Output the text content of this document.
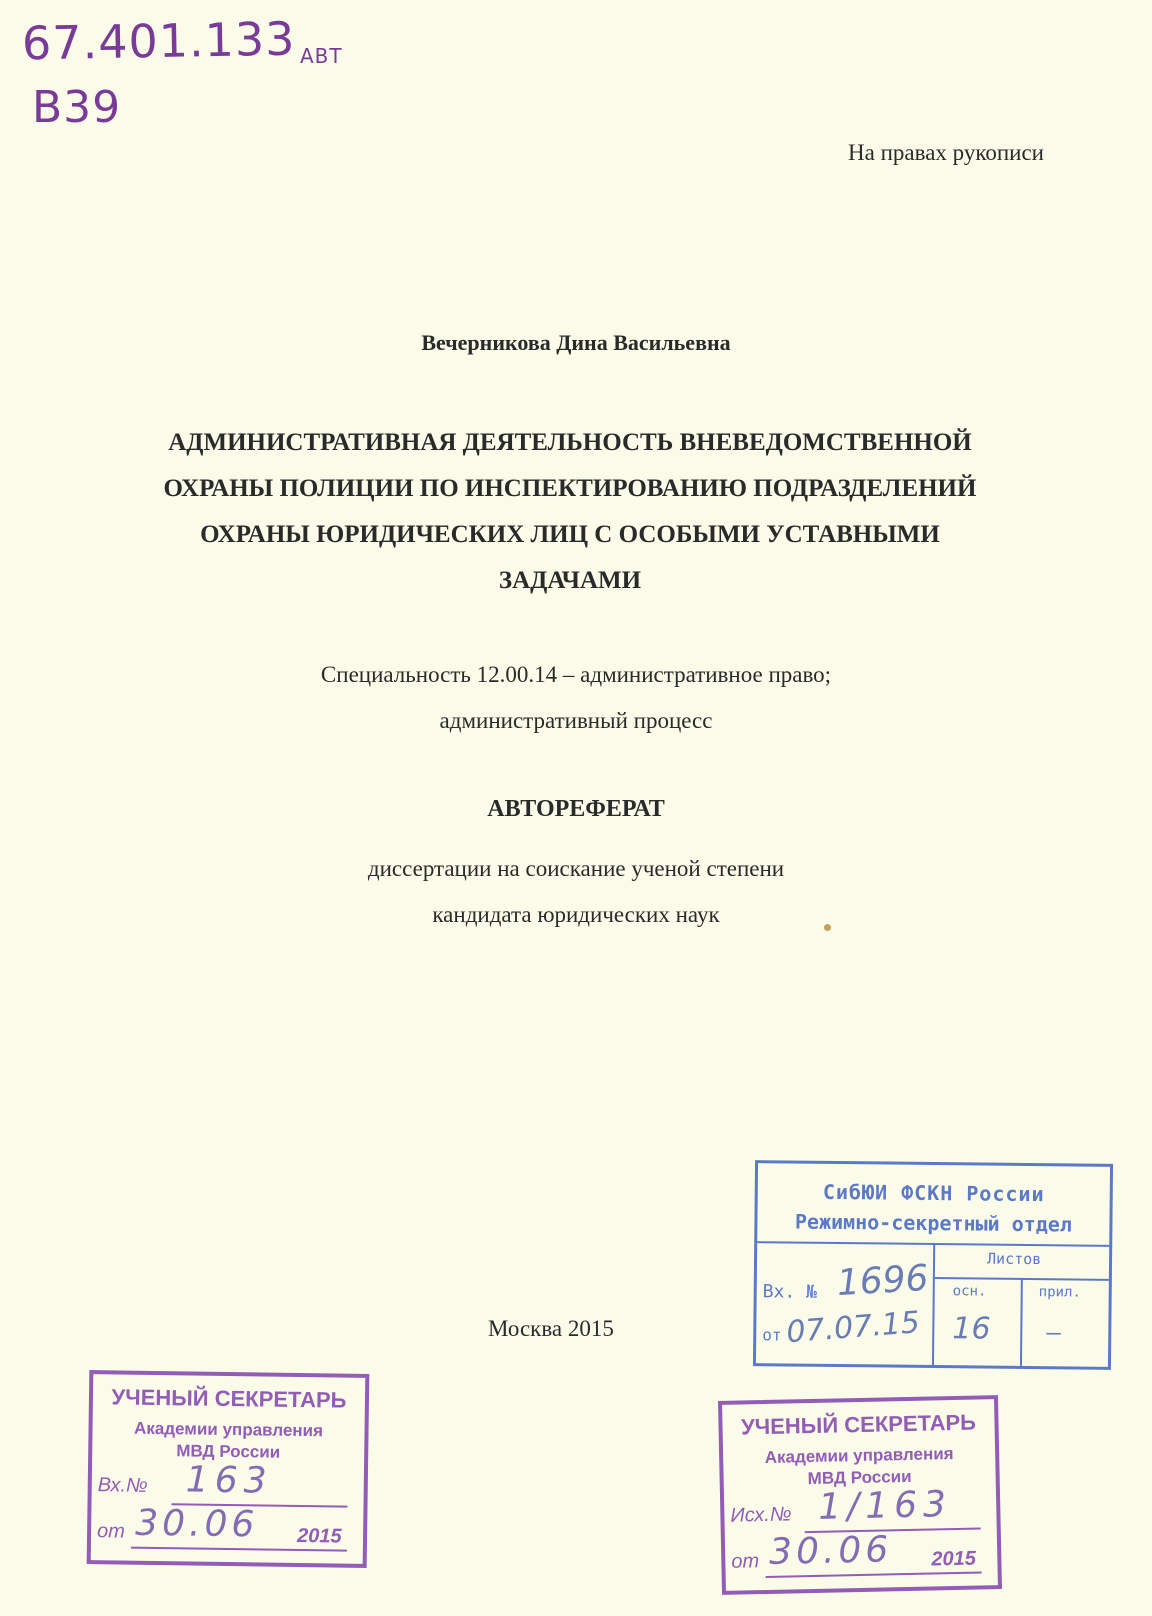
67.401.133 АВТ
В39
На правах рукописи
Вечерникова Дина Васильевна
АДМИНИСТРАТИВНАЯ ДЕЯТЕЛЬНОСТЬ ВНЕВЕДОМСТВЕННОЙ
ОХРАНЫ ПОЛИЦИИ ПО ИНСПЕКТИРОВАНИЮ ПОДРАЗДЕЛЕНИЙ
ОХРАНЫ ЮРИДИЧЕСКИХ ЛИЦ С ОСОБЫМИ УСТАВНЫМИ
ЗАДАЧАМИ
Специальность 12.00.14 – административное право;
административный процесс
АВТОРЕФЕРАТ
диссертации на соискание ученой степени
кандидата юридических наук
Москва 2015
СибЮИ ФСКН России
Режимно-секретный отдел
Листов
осн.	прил.
Вх. № 1696
от 07.07.15 16 —
УЧЕНЫЙ СЕКРЕТАРЬ
Академии управления
МВД России
Вх.№ 163
от 30.06 2015
УЧЕНЫЙ СЕКРЕТАРЬ
Академии управления
МВД России
Исх.№ 1/163
от 30.06 2015
